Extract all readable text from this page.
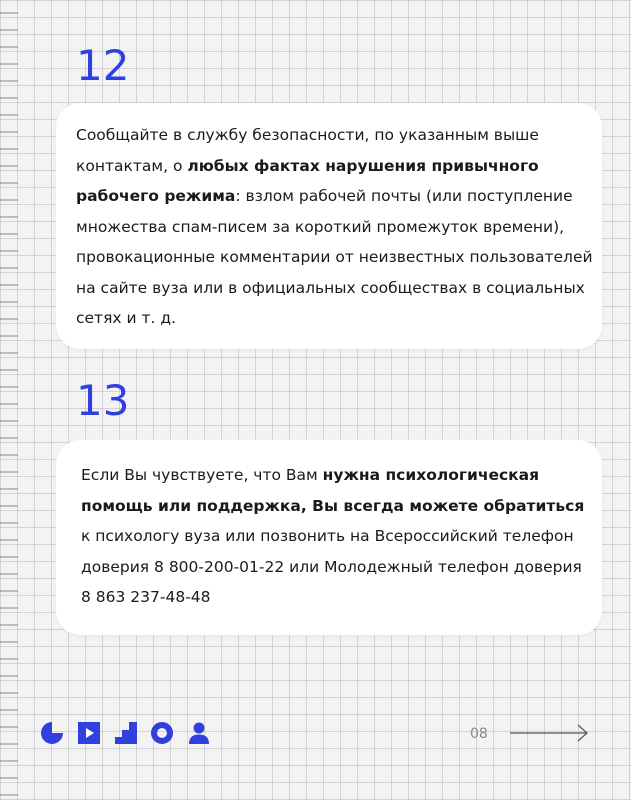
12

Сообщайте в службу безопасности, по указанным выше контактам, о любых фактах нарушения привычного рабочего режима: взлом рабочей почты (или поступление множества спам-писем за короткий промежуток времени), провокационные комментарии от неизвестных пользователей на сайте вуза или в официальных сообществах в социальных сетях и т. д.

13

Если Вы чувствуете, что Вам нужна психологическая помощь или поддержка, Вы всегда можете обратиться к психологу вуза или позвонить на Всероссийский телефон доверия 8 800-200-01-22 или Молодежный телефон доверия 8 863 237-48-48

08
